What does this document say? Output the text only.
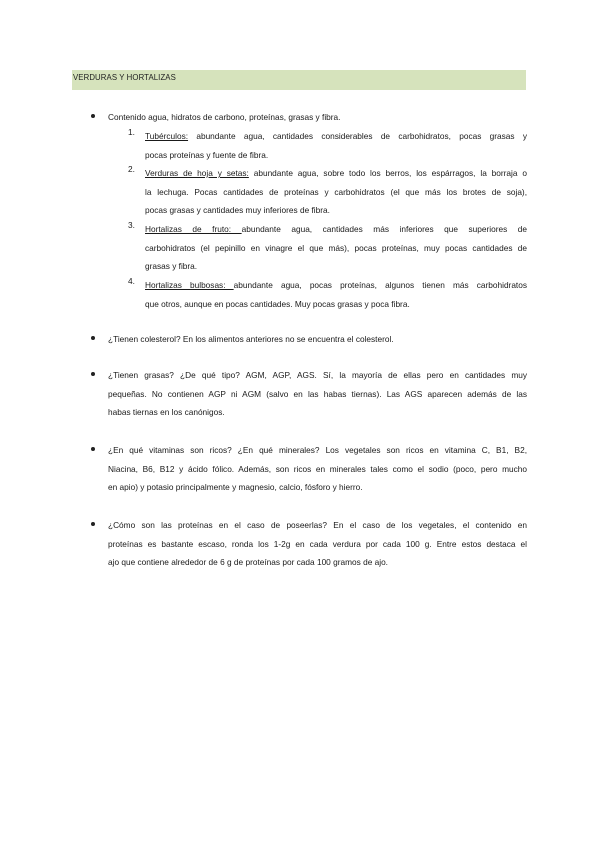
VERDURAS Y HORTALIZAS
Contenido agua, hidratos de carbono, proteínas, grasas y fibra.
1. Tubérculos: abundante agua, cantidades considerables de carbohidratos, pocas grasas y
pocas proteínas y fuente de fibra.
2. Verduras de hoja y setas: abundante agua, sobre todo los berros, los espárragos, la borraja o
la lechuga. Pocas cantidades de proteínas y carbohidratos (el que más los brotes de soja),
pocas grasas y cantidades muy inferiores de fibra.
3. Hortalizas de fruto: abundante agua, cantidades más inferiores que superiores de
carbohidratos (el pepinillo en vinagre el que más), pocas proteínas, muy pocas cantidades de
grasas y fibra.
4. Hortalizas bulbosas: abundante agua, pocas proteínas, algunos tienen más carbohidratos
que otros, aunque en pocas cantidades. Muy pocas grasas y poca fibra.
¿Tienen colesterol? En los alimentos anteriores no se encuentra el colesterol.
¿Tienen grasas? ¿De qué tipo? AGM, AGP, AGS. Sí, la mayoría de ellas pero en cantidades muy
pequeñas. No contienen AGP ni AGM (salvo en las habas tiernas). Las AGS aparecen además de las
habas tiernas en los canónigos.
¿En qué vitaminas son ricos? ¿En qué minerales? Los vegetales son ricos en vitamina C, B1, B2,
Niacina, B6, B12 y ácido fólico. Además, son ricos en minerales tales como el sodio (poco, pero mucho
en apio) y potasio principalmente y magnesio, calcio, fósforo y hierro.
¿Cómo son las proteínas en el caso de poseerlas? En el caso de los vegetales, el contenido en
proteínas es bastante escaso, ronda los 1-2g en cada verdura por cada 100 g. Entre estos destaca el
ajo que contiene alrededor de 6 g de proteínas por cada 100 gramos de ajo.
